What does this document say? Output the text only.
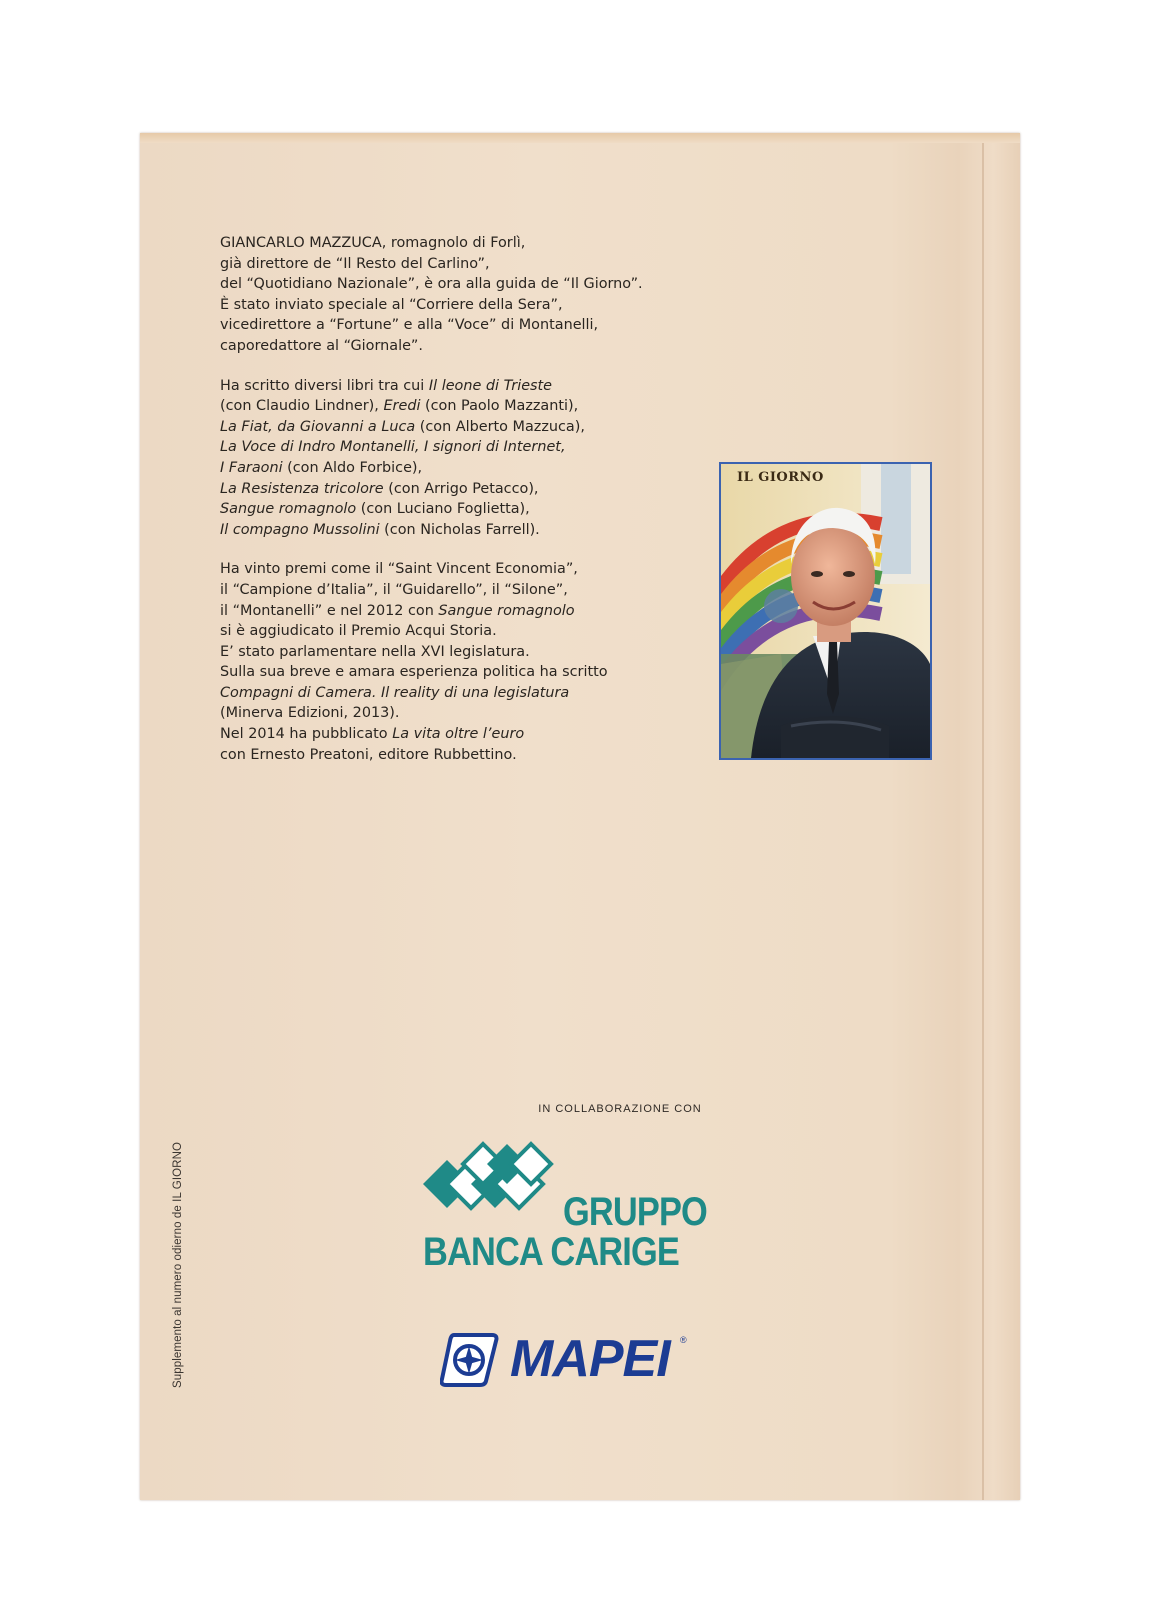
GIANCARLO MAZZUCA, romagnolo di Forlì,
già direttore de “Il Resto del Carlino”,
del “Quotidiano Nazionale”, è ora alla guida de “Il Giorno”.
È stato inviato speciale al “Corriere della Sera”,
vicedirettore a “Fortune” e alla “Voce” di Montanelli,
caporedattore al “Giornale”.

Ha scritto diversi libri tra cui Il leone di Trieste
(con Claudio Lindner), Eredi (con Paolo Mazzanti),
La Fiat, da Giovanni a Luca (con Alberto Mazzuca),
La Voce di Indro Montanelli, I signori di Internet,
I Faraoni (con Aldo Forbice),
La Resistenza tricolore (con Arrigo Petacco),
Sangue romagnolo (con Luciano Foglietta),
Il compagno Mussolini (con Nicholas Farrell).

Ha vinto premi come il “Saint Vincent Economia”,
il “Campione d’Italia”, il “Guidarello”, il “Silone”,
il “Montanelli” e nel 2012 con Sangue romagnolo
si è aggiudicato il Premio Acqui Storia.
E’ stato parlamentare nella XVI legislatura.
Sulla sua breve e amara esperienza politica ha scritto
Compagni di Camera. Il reality di una legislatura
(Minerva Edizioni, 2013).
Nel 2014 ha pubblicato La vita oltre l’euro
con Ernesto Preatoni, editore Rubbettino.

IL GIORNO
IN COLLABORAZIONE CON
GRUPPO
BANCA CARIGE
MAPEI ®
Supplemento al numero odierno de IL GIORNO
